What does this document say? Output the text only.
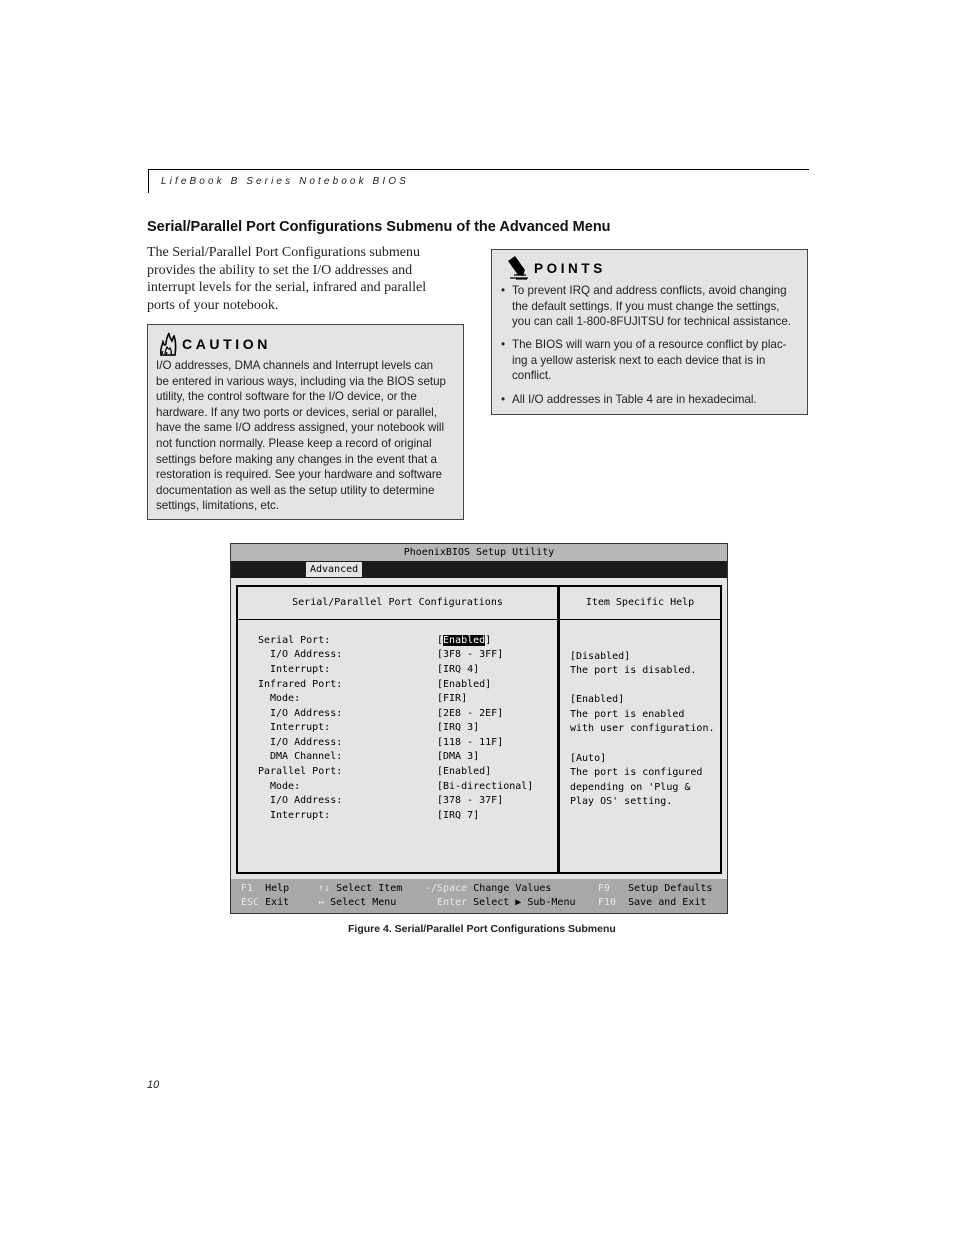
LifeBook B Series Notebook BIOS
Serial/Parallel Port Configurations Submenu of the Advanced Menu
The Serial/Parallel Port Configurations submenu
provides the ability to set the I/O addresses and
interrupt levels for the serial, infrared and parallel
ports of your notebook.
CAUTION
I/O addresses, DMA channels and Interrupt levels can
be entered in various ways, including via the BIOS setup
utility, the control software for the I/O device, or the
hardware. If any two ports or devices, serial or parallel,
have the same I/O address assigned, your notebook will
not function normally. Please keep a record of original
settings before making any changes in the event that a
restoration is required. See your hardware and software
documentation as well as the setup utility to determine
settings, limitations, etc.
POINTS
• To prevent IRQ and address conflicts, avoid changing
the default settings. If you must change the settings,
you can call 1-800-8FUJITSU for technical assistance.
• The BIOS will warn you of a resource conflict by plac-
ing a yellow asterisk next to each device that is in
conflict.
• All I/O addresses in Table 4 are in hexadecimal.
PhoenixBIOS Setup Utility
Advanced
Serial/Parallel Port Configurations
Serial Port:	[Enabled]
I/O Address:	[3F8 - 3FF]
Interrupt:	[IRQ 4]
Infrared Port:	[Enabled]
Mode:	[FIR]
I/O Address:	[2E8 - 2EF]
Interrupt:	[IRQ 3]
I/O Address:	[118 - 11F]
DMA Channel:	[DMA 3]
Parallel Port:	[Enabled]
Mode:	[Bi-directional]
I/O Address:	[378 - 37F]
Interrupt:	[IRQ 7]
Item Specific Help
[Disabled]
The port is disabled.
[Enabled]
The port is enabled
with user configuration.
[Auto]
The port is configured
depending on 'Plug &
Play OS' setting.
F1 Help
ESC Exit
↑↓ Select Item
↔ Select Menu
-/Space Change Values
Enter Select ▶ Sub-Menu
F9 Setup Defaults
F10 Save and Exit
Figure 4. Serial/Parallel Port Configurations Submenu
10
